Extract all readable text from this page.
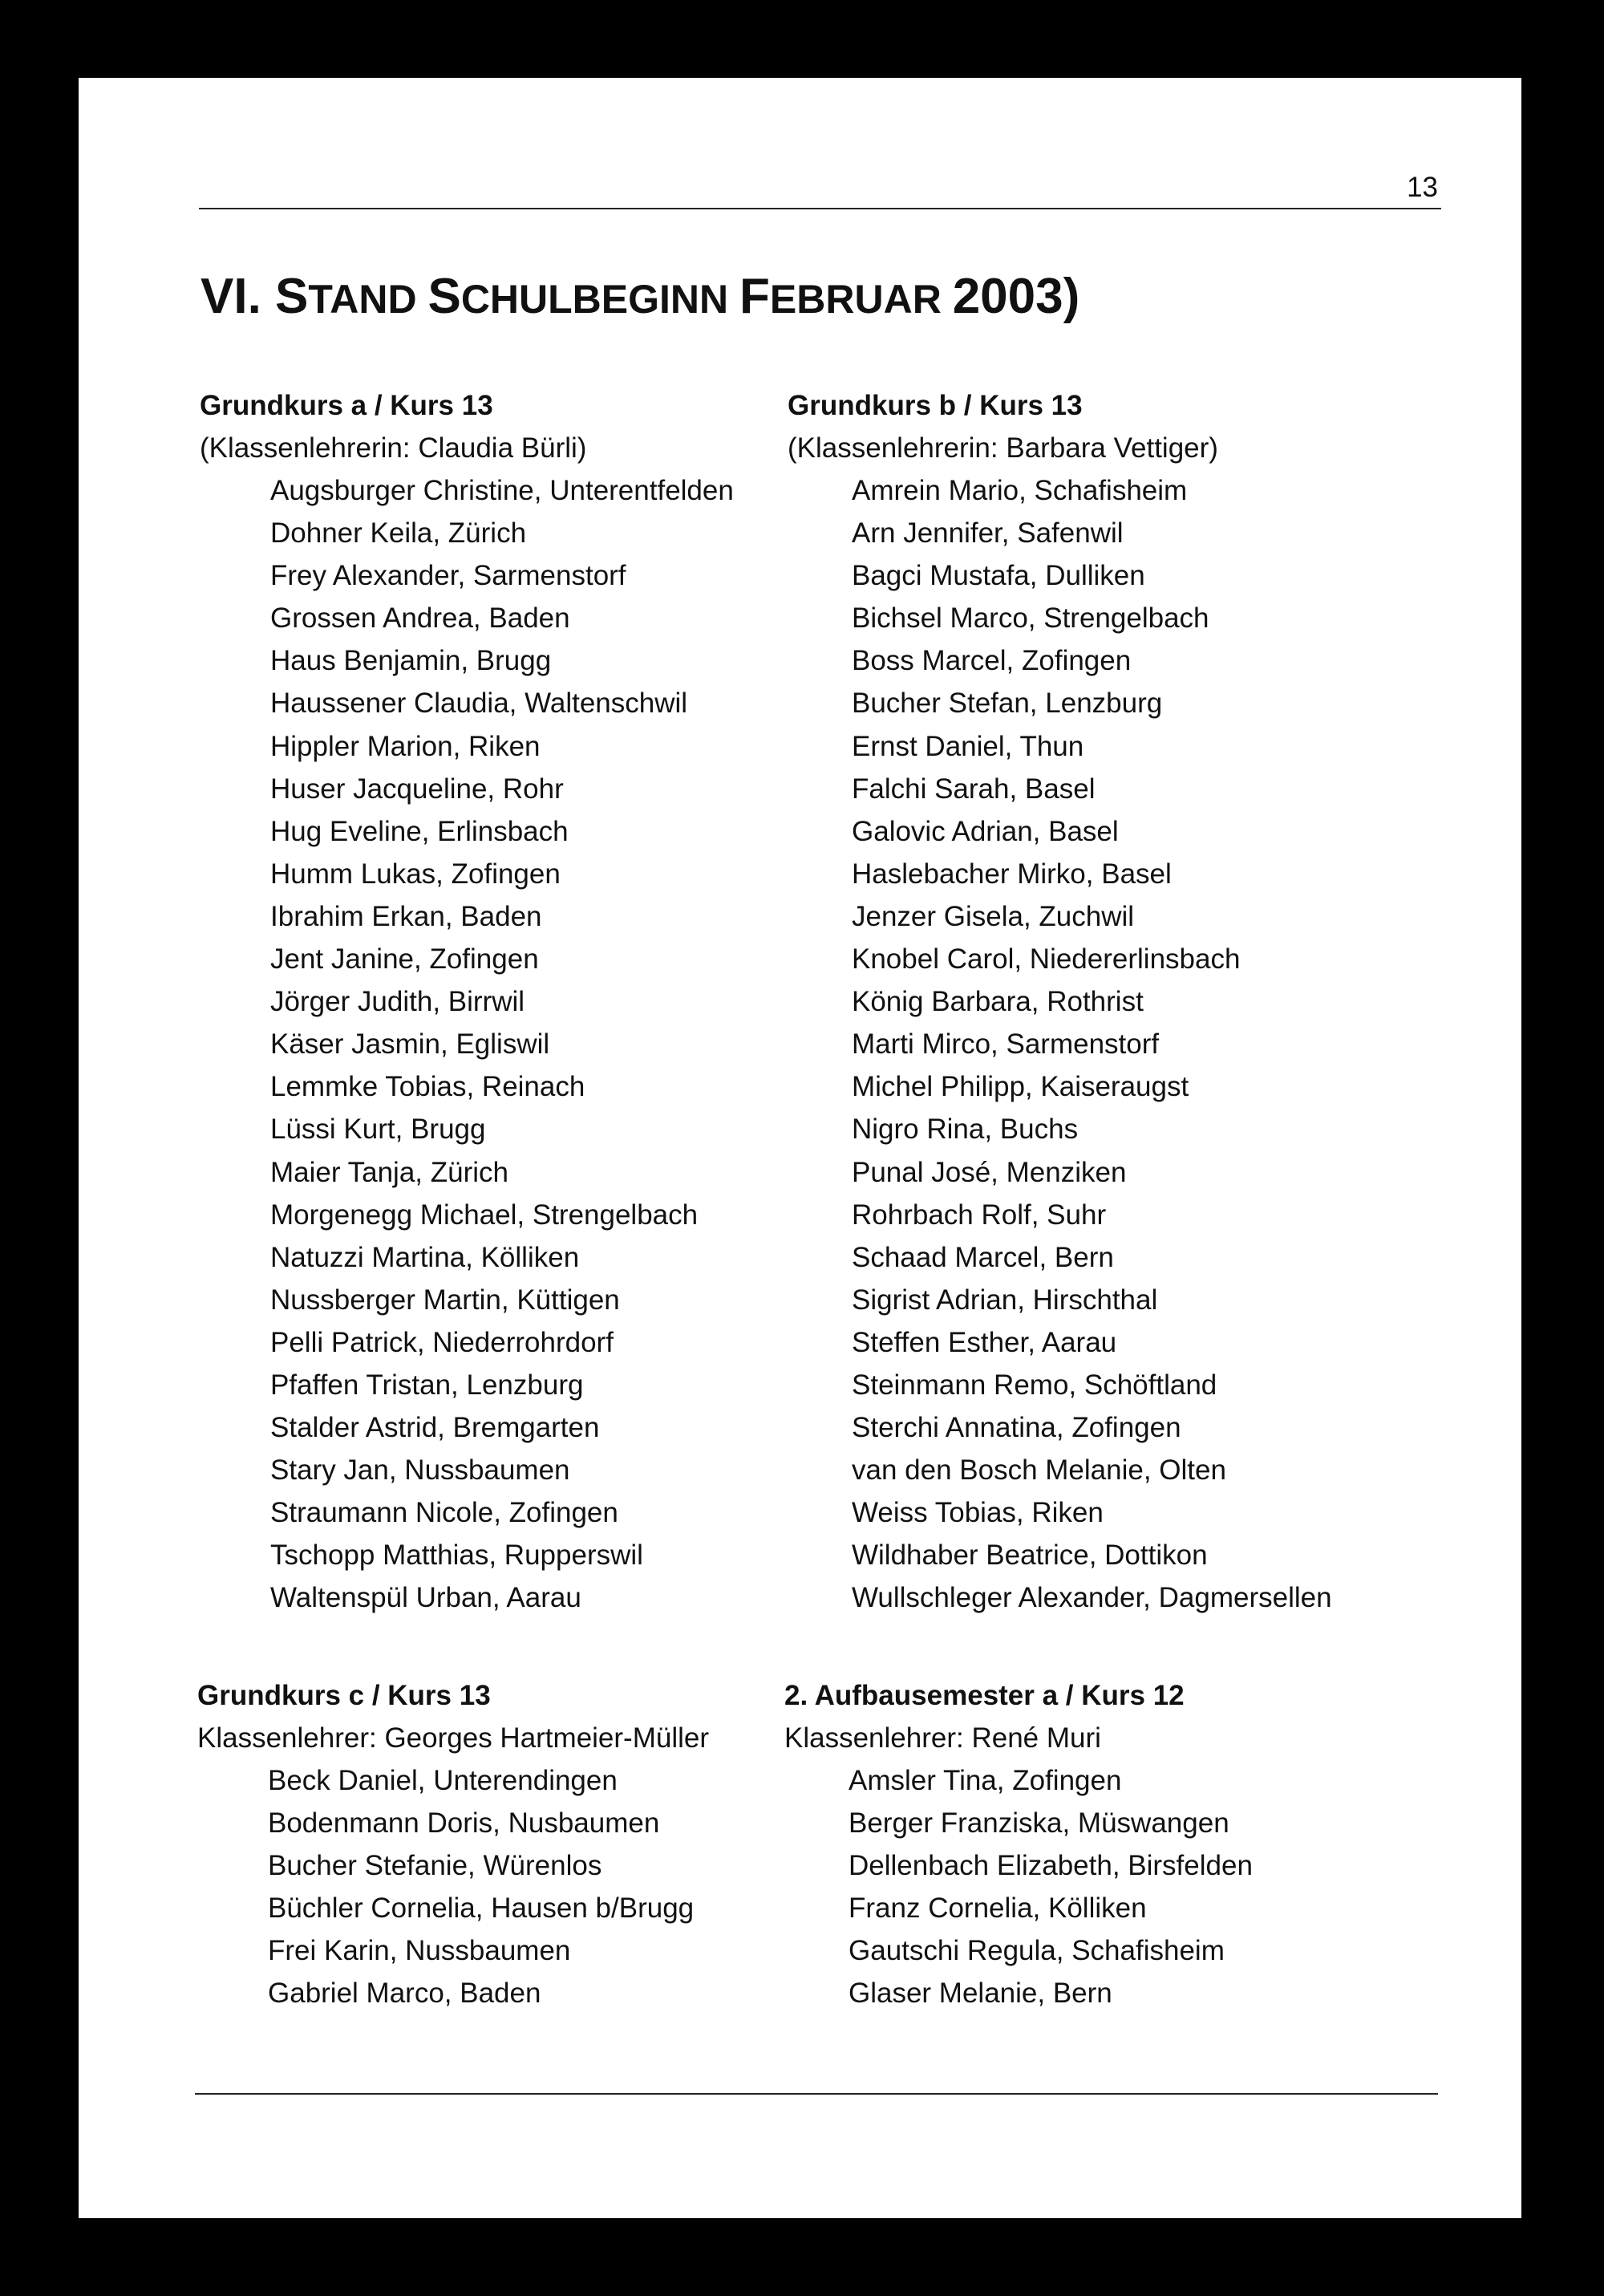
13
VI. STAND SCHULBEGINN FEBRUAR 2003)
Grundkurs a / Kurs 13
(Klassenlehrerin: Claudia Bürli)
Augsburger Christine, Unterentfelden
Dohner Keila, Zürich
Frey Alexander, Sarmenstorf
Grossen Andrea, Baden
Haus Benjamin, Brugg
Haussener Claudia, Waltenschwil
Hippler Marion, Riken
Huser Jacqueline, Rohr
Hug Eveline, Erlinsbach
Humm Lukas, Zofingen
Ibrahim Erkan, Baden
Jent Janine, Zofingen
Jörger Judith, Birrwil
Käser Jasmin, Egliswil
Lemmke Tobias, Reinach
Lüssi Kurt, Brugg
Maier Tanja, Zürich
Morgenegg Michael, Strengelbach
Natuzzi Martina, Kölliken
Nussberger Martin, Küttigen
Pelli Patrick, Niederrohrdorf
Pfaffen Tristan, Lenzburg
Stalder Astrid, Bremgarten
Stary Jan, Nussbaumen
Straumann Nicole, Zofingen
Tschopp Matthias, Rupperswil
Waltenspül Urban, Aarau
Grundkurs b / Kurs 13
(Klassenlehrerin: Barbara Vettiger)
Amrein Mario, Schafisheim
Arn Jennifer, Safenwil
Bagci Mustafa, Dulliken
Bichsel Marco, Strengelbach
Boss Marcel, Zofingen
Bucher Stefan, Lenzburg
Ernst Daniel, Thun
Falchi Sarah, Basel
Galovic Adrian, Basel
Haslebacher Mirko, Basel
Jenzer Gisela, Zuchwil
Knobel Carol, Niedererlinsbach
König Barbara, Rothrist
Marti Mirco, Sarmenstorf
Michel Philipp, Kaiseraugst
Nigro Rina, Buchs
Punal José, Menziken
Rohrbach Rolf, Suhr
Schaad Marcel, Bern
Sigrist Adrian, Hirschthal
Steffen Esther, Aarau
Steinmann Remo, Schöftland
Sterchi Annatina, Zofingen
van den Bosch Melanie, Olten
Weiss Tobias, Riken
Wildhaber Beatrice, Dottikon
Wullschleger Alexander, Dagmersellen
Grundkurs c / Kurs 13
Klassenlehrer: Georges Hartmeier-Müller
Beck Daniel, Unterendingen
Bodenmann Doris, Nusbaumen
Bucher Stefanie, Würenlos
Büchler Cornelia, Hausen b/Brugg
Frei Karin, Nussbaumen
Gabriel Marco, Baden
2. Aufbausemester a / Kurs 12
Klassenlehrer: René Muri
Amsler Tina, Zofingen
Berger Franziska, Müswangen
Dellenbach Elizabeth, Birsfelden
Franz Cornelia, Kölliken
Gautschi Regula, Schafisheim
Glaser Melanie, Bern
